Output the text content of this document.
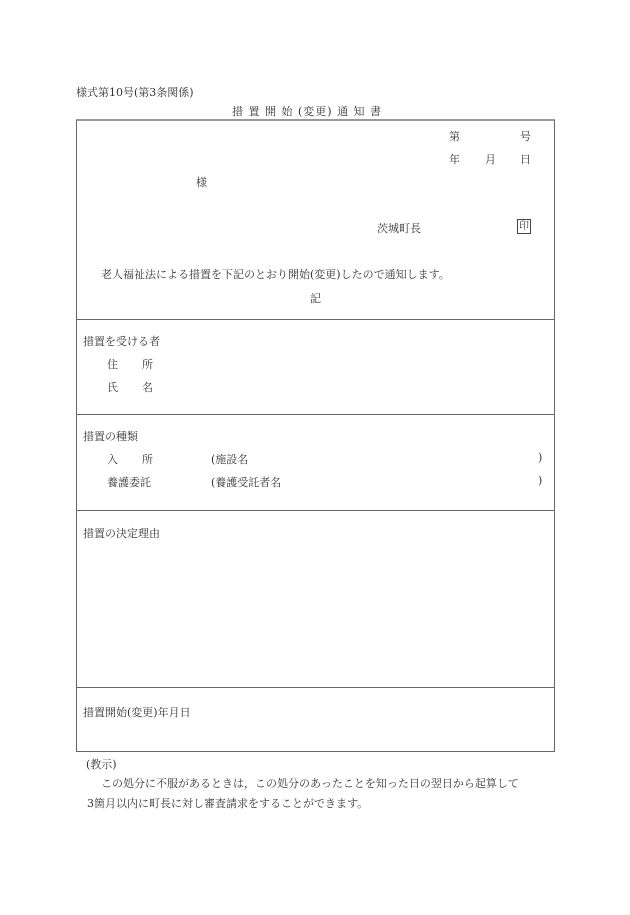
様式第10号(第3条関係)
措 置 開 始 (変更) 通 知 書
第	号
年 月 日
様
茨城町長	印
老人福祉法による措置を下記のとおり開始(変更)したので通知します。
記
措置を受ける者
住 所
氏 名
措置の種類
入 所	(施設名	)
養護委託	(養護受託者名	)
措置の決定理由
措置開始(変更)年月日
(教示)
この処分に不服があるときは，この処分のあったことを知った日の翌日から起算して
3箇月以内に町長に対し審査請求をすることができます。
